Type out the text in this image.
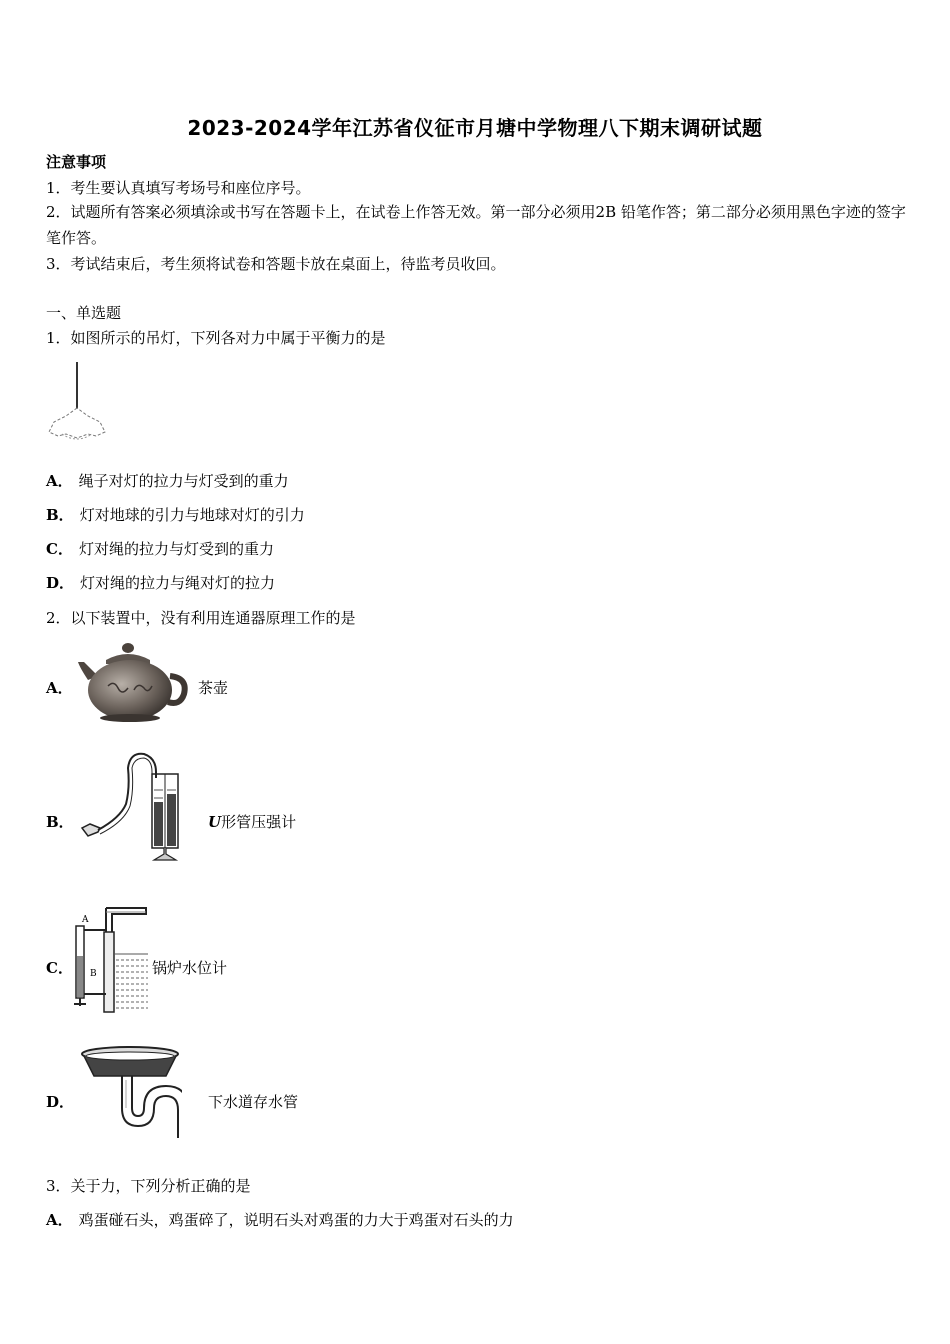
2023-2024学年江苏省仪征市月塘中学物理八下期末调研试题
注意事项
1．考生要认真填写考场号和座位序号。
2．试题所有答案必须填涂或书写在答题卡上，在试卷上作答无效。第一部分必须用2B 铅笔作答；第二部分必须用黑色字迹的签字笔作答。
3．考试结束后，考生须将试卷和答题卡放在桌面上，待监考员收回。
一、单选题
1．如图所示的吊灯，下列各对力中属于平衡力的是
A． 绳子对灯的拉力与灯受到的重力
B． 灯对地球的引力与地球对灯的引力
C． 灯对绳的拉力与灯受到的重力
D． 灯对绳的拉力与绳对灯的拉力
2．以下装置中，没有利用连通器原理工作的是
A．	茶壶
B．	U形管压强计
C．
A
B	锅炉水位计
D．	下水道存水管
3．关于力，下列分析正确的是
A． 鸡蛋碰石头，鸡蛋碎了，说明石头对鸡蛋的力大于鸡蛋对石头的力
